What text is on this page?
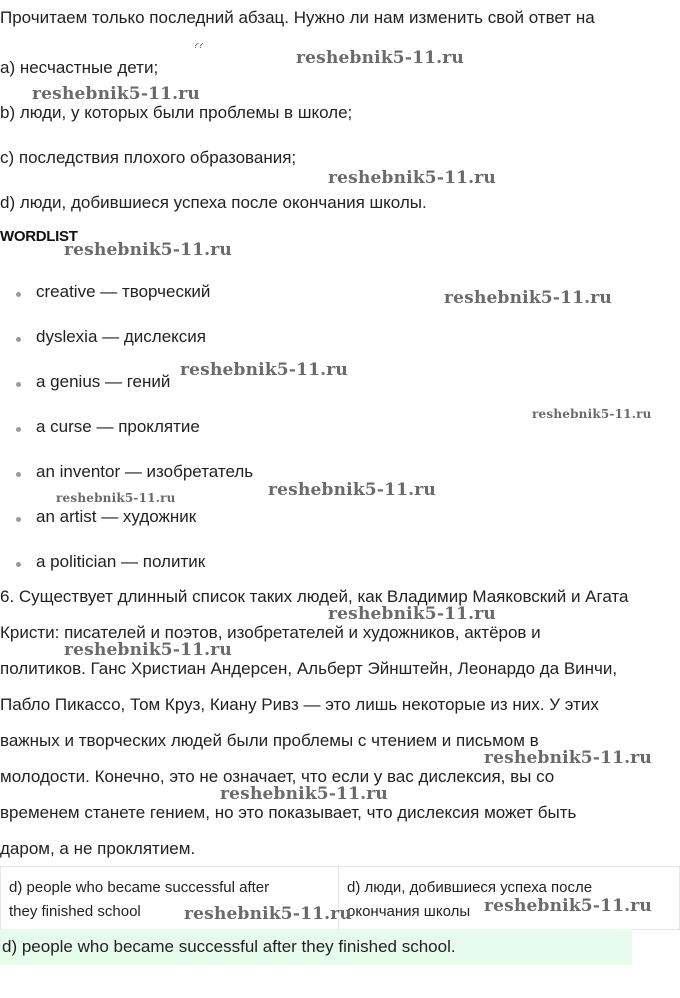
Прочитаем только последний абзац. Нужно ли нам изменить свой ответ на
??
a) несчастные дети;
b) люди, у которых были проблемы в школе;
c) последствия плохого образования;
d) люди, добившиеся успеха после окончания школы.
WORDLIST
creative — творческий
dyslexia — дислексия
a genius — гений
a curse — проклятие
an inventor — изобретатель
an artist — художник
a politician — политик
6. Существует длинный список таких людей, как Владимир Маяковский и Агата
Кристи: писателей и поэтов, изобретателей и художников, актёров и
политиков. Ганс Христиан Андерсен, Альберт Эйнштейн, Леонардо да Винчи,
Пабло Пикассо, Том Круз, Киану Ривз — это лишь некоторые из них. У этих
важных и творческих людей были проблемы с чтением и письмом в
молодости. Конечно, это не означает, что если у вас дислексия, вы со
временем станете гением, но это показывает, что дислексия может быть
даром, а не проклятием.
d) people who became successful after
they finished school
d) люди, добившиеся успеха после
окончания школы
d) people who became successful after they finished school.
reshebnik5-11.ru
reshebnik5-11.ru
reshebnik5-11.ru
reshebnik5-11.ru
reshebnik5-11.ru
reshebnik5-11.ru
reshebnik5-11.ru
reshebnik5-11.ru
reshebnik5-11.ru
reshebnik5-11.ru
reshebnik5-11.ru
reshebnik5-11.ru
reshebnik5-11.ru
reshebnik5-11.ru
reshebnik5-11.ru
